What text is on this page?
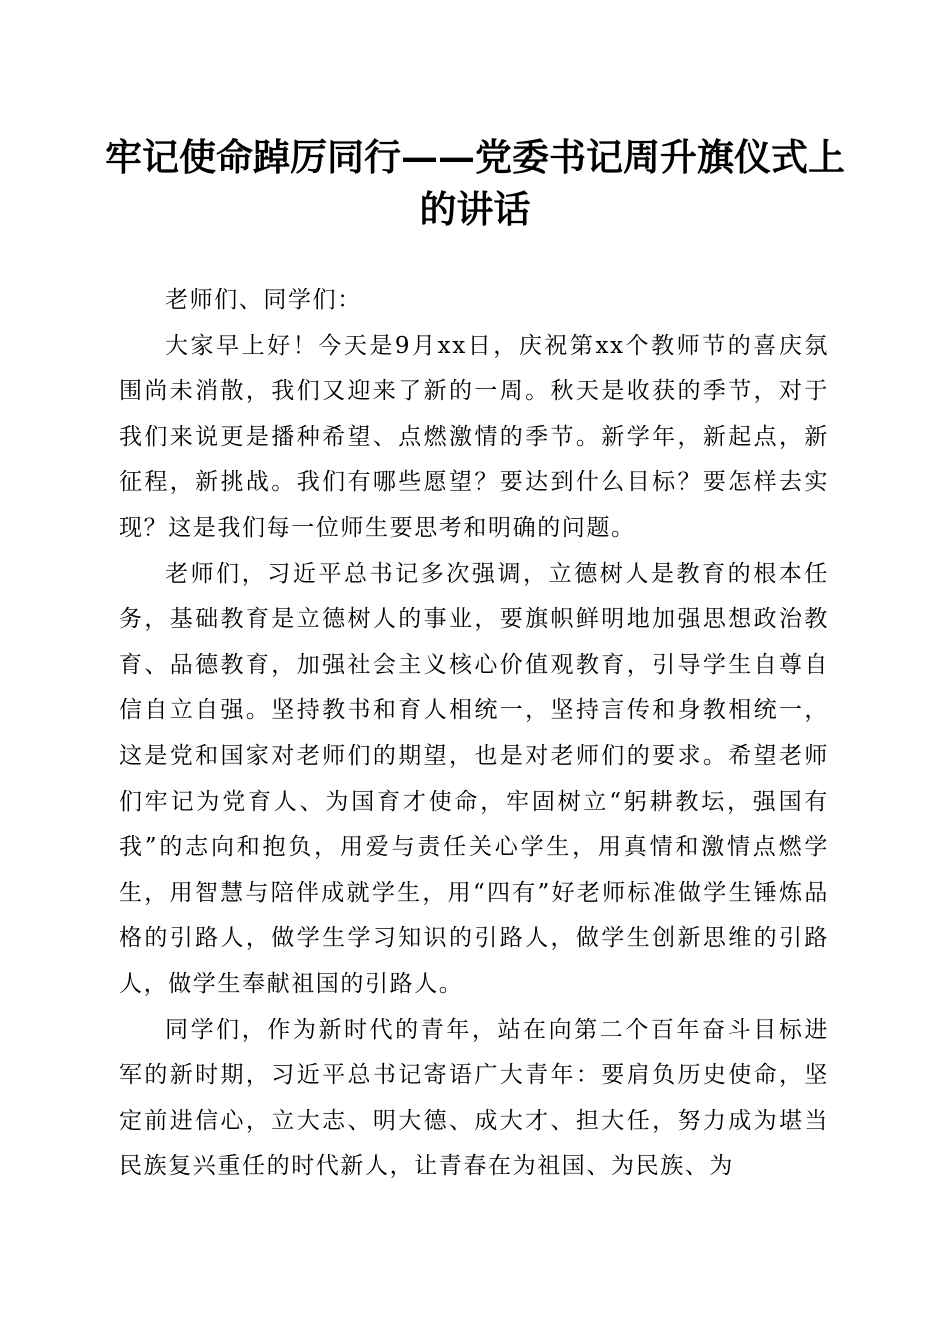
牢记使命踔厉同行——党委书记周升旗仪式上
的讲话

老师们、同学们：

大家早上好！今天是9月xx日，庆祝第xx个教师节的喜庆氛围尚未消散，我们又迎来了新的一周。秋天是收获的季节，对于我们来说更是播种希望、点燃激情的季节。新学年，新起点，新征程，新挑战。我们有哪些愿望？要达到什么目标？要怎样去实现？这是我们每一位师生要思考和明确的问题。

老师们，习近平总书记多次强调，立德树人是教育的根本任务，基础教育是立德树人的事业，要旗帜鲜明地加强思想政治教育、品德教育，加强社会主义核心价值观教育，引导学生自尊自信自立自强。坚持教书和育人相统一，坚持言传和身教相统一，这是党和国家对老师们的期望，也是对老师们的要求。希望老师们牢记为党育人、为国育才使命，牢固树立“躬耕教坛，强国有我”的志向和抱负，用爱与责任关心学生，用真情和激情点燃学生，用智慧与陪伴成就学生，用“四有”好老师标准做学生锤炼品格的引路人，做学生学习知识的引路人，做学生创新思维的引路人，做学生奉献祖国的引路人。

同学们，作为新时代的青年，站在向第二个百年奋斗目标进军的新时期，习近平总书记寄语广大青年：要肩负历史使命，坚定前进信心，立大志、明大德、成大才、担大任，努力成为堪当民族复兴重任的时代新人，让青春在为祖国、为民族、为
